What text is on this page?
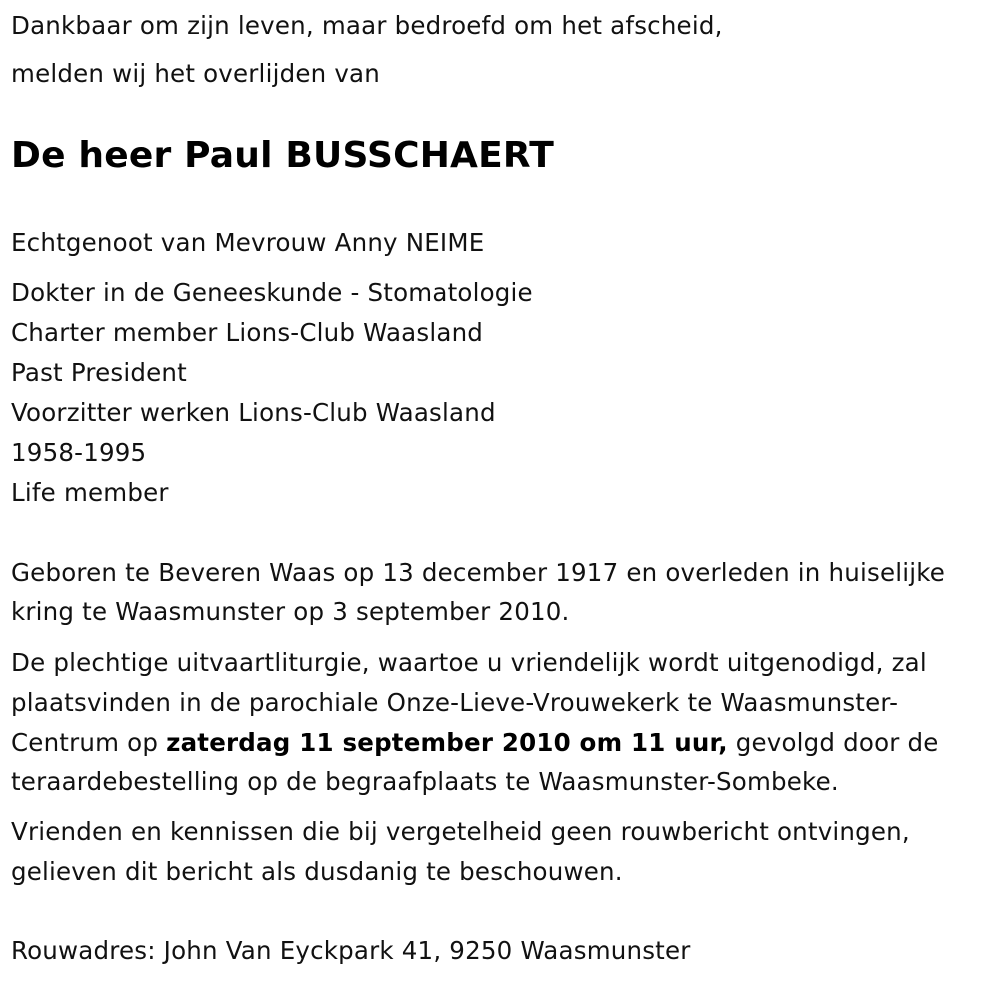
Dankbaar om zijn leven, maar bedroefd om het afscheid,
melden wij het overlijden van
De heer Paul BUSSCHAERT
Echtgenoot van Mevrouw Anny NEIME
Dokter in de Geneeskunde - Stomatologie
Charter member Lions-Club Waasland
Past President
Voorzitter werken Lions-Club Waasland
1958-1995
Life member
Geboren te Beveren Waas op 13 december 1917 en overleden in huiselijke
kring te Waasmunster op 3 september 2010.
De plechtige uitvaartliturgie, waartoe u vriendelijk wordt uitgenodigd, zal
plaatsvinden in de parochiale Onze-Lieve-Vrouwekerk te Waasmunster-
Centrum op zaterdag 11 september 2010 om 11 uur, gevolgd door de
teraardebestelling op de begraafplaats te Waasmunster-Sombeke.
Vrienden en kennissen die bij vergetelheid geen rouwbericht ontvingen,
gelieven dit bericht als dusdanig te beschouwen.
Rouwadres: John Van Eyckpark 41, 9250 Waasmunster
